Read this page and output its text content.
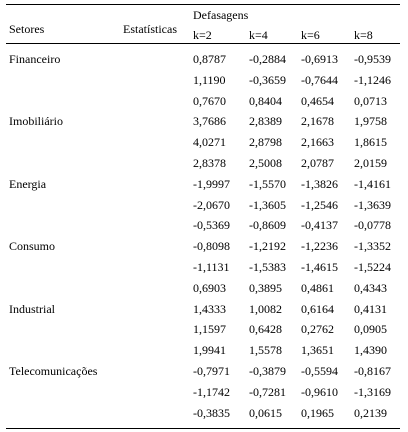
Setores	Estatísticas
Defasagens
k=2	k=4	k=6	k=8
Financeiro	0,8787 -0,2884 -0,6913 -0,9539
1,1190 -0,3659 -0,7644 -1,1246
0,7670 0,8404 0,4654 0,0713
Imobiliário	3,7686 2,8389 2,1678 1,9758
4,0271 2,8798 2,1663 1,8615
2,8378 2,5008 2,0787 2,0159
Energia	-1,9997 -1,5570 -1,3826 -1,4161
-2,0670 -1,3605 -1,2546 -1,3639
-0,5369 -0,8609 -0,4137 -0,0778
Consumo	-0,8098 -1,2192 -1,2236 -1,3352
-1,1131 -1,5383 -1,4615 -1,5224
0,6903 0,3895 0,4861 0,4343
Industrial	1,4333 1,0082 0,6164 0,4131
1,1597 0,6428 0,2762 0,0905
1,9941 1,5578 1,3651 1,4390
Telecomunicações	-0,7971 -0,3879 -0,5594 -0,8167
-1,1742 -0,7281 -0,9610 -1,3169
-0,3835 0,0615 0,1965 0,2139
